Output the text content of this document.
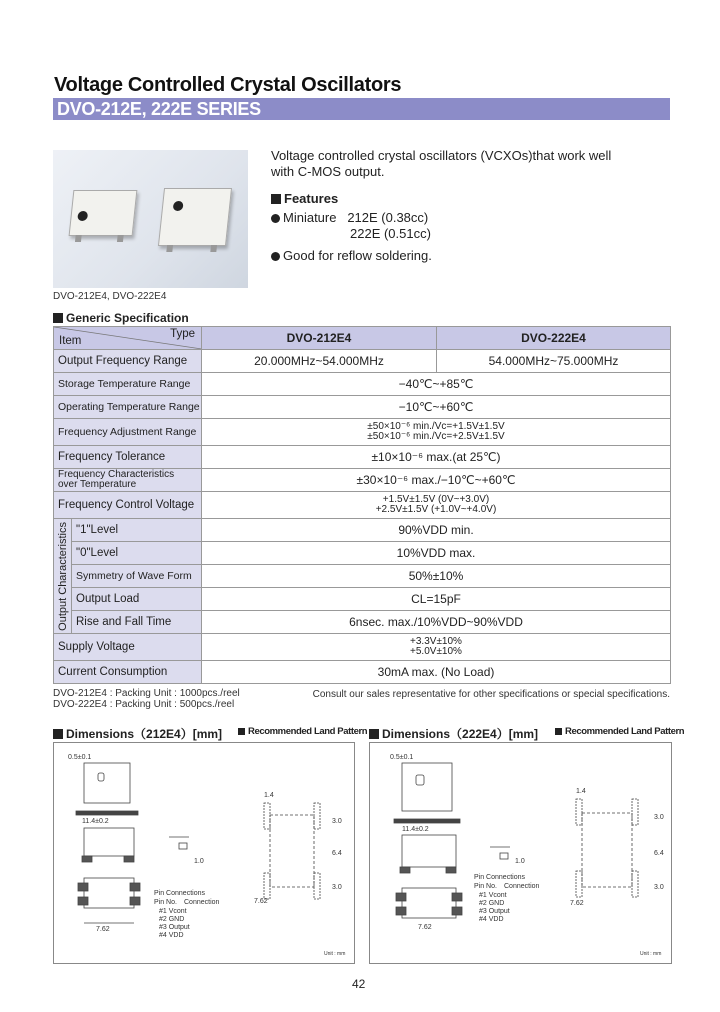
Voltage Controlled Crystal Oscillators
DVO-212E, 222E SERIES
DVO-212E4, DVO-222E4
Voltage controlled crystal oscillators (VCXOs)that work well
with C-MOS output.
Features
Miniature 212E (0.38cc)
222E (0.51cc)
Good for reflow soldering.
Generic Specification
Type
Item		DVO-212E4	DVO-222E4
Output Frequency Range		20.000MHz~54.000MHz	54.000MHz~75.000MHz
Storage Temperature Range		−40℃~+85℃	
Operating Temperature Range		−10℃~+60℃	
Frequency Adjustment Range		±50×10⁻⁶ min./Vc=+1.5V±1.5V
±50×10⁻⁶ min./Vc=+2.5V±1.5V	

Frequency Tolerance		±10×10⁻⁶ max.(at 25℃)	

Frequency Characteristics
over Temperature		±30×10⁻⁶ max./−10℃~+60℃	
Frequency Control Voltage		+1.5V±1.5V (0V~+3.0V)
+2.5V±1.5V (+1.0V~+4.0V)	

Output Characteristics	"1"Level	90%VDD min.	
	"0"Level	10%VDD max.	
	Symmetry of Wave Form	50%±10%	
	Output Load	CL=15pF	
	Rise and Fall Time	6nsec. max./10%VDD~90%VDD	
Supply Voltage		+3.3V±10%
+5.0V±10%	

Current Consumption		30mA max. (No Load)	
DVO-212E4 : Packing Unit : 1000pcs./reel
DVO-222E4 : Packing Unit : 500pcs./reel
Consult our sales representative for other specifications or special specifications.
Dimensions（212E4）[mm]	Recommended Land Pattern	Dimensions（222E4）[mm]	Recommended Land Pattern
0.5±0.1
11.4±0.2
7.62
7.62
1.0
1.4
3.0
6.4
3.0
Pin Connections
Pin No. Connection
#1 Vcont
#2 GND
#3 Output
#4 VDD
Unit : mm
0.5±0.1
11.4±0.2
7.62
7.62
1.0
1.4
3.0
6.4
3.0
Pin Connections
Pin No. Connection
#1 Vcont
#2 GND
#3 Output
#4 VDD
Unit : mm
42
